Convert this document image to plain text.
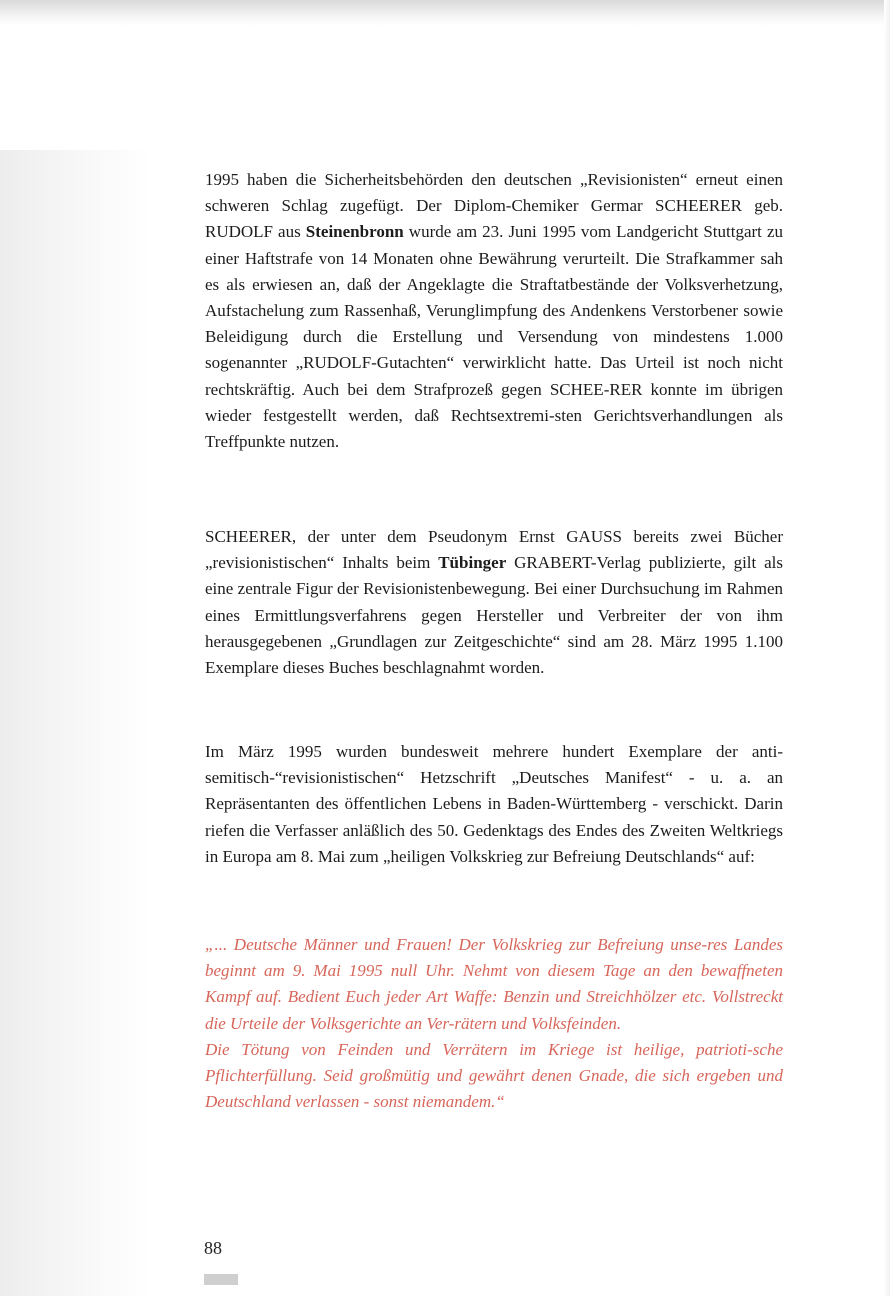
1995 haben die Sicherheitsbehörden den deutschen „Revisionisten“ erneut einen schweren Schlag zugefügt. Der Diplom-Chemiker Germar SCHEERER geb. RUDOLF aus Steinenbronn wurde am 23. Juni 1995 vom Landgericht Stuttgart zu einer Haftstrafe von 14 Monaten ohne Bewährung verurteilt. Die Strafkammer sah es als erwiesen an, daß der Angeklagte die Straftatbestände der Volksverhetzung, Aufstachelung zum Rassenhaß, Verunglimpfung des Andenkens Verstorbener sowie Beleidigung durch die Erstellung und Versendung von mindestens 1.000 sogenannter „RUDOLF-Gutachten“ verwirklicht hatte. Das Urteil ist noch nicht rechtskräftig. Auch bei dem Strafprozeß gegen SCHEE-RER konnte im übrigen wieder festgestellt werden, daß Rechtsextremi-sten Gerichtsverhandlungen als Treffpunkte nutzen.
SCHEERER, der unter dem Pseudonym Ernst GAUSS bereits zwei Bücher „revisionistischen“ Inhalts beim Tübinger GRABERT-Verlag publizierte, gilt als eine zentrale Figur der Revisionistenbewegung. Bei einer Durchsuchung im Rahmen eines Ermittlungsverfahrens gegen Hersteller und Verbreiter der von ihm herausgegebenen „Grundlagen zur Zeitgeschichte“ sind am 28. März 1995 1.100 Exemplare dieses Buches beschlagnahmt worden.
Im März 1995 wurden bundesweit mehrere hundert Exemplare der anti-semitisch-“revisionistischen“ Hetzschrift „Deutsches Manifest“ - u. a. an Repräsentanten des öffentlichen Lebens in Baden-Württemberg - verschickt. Darin riefen die Verfasser anläßlich des 50. Gedenktags des Endes des Zweiten Weltkriegs in Europa am 8. Mai zum „heiligen Volkskrieg zur Befreiung Deutschlands“ auf:

„... Deutsche Männer und Frauen! Der Volkskrieg zur Befreiung unse-res Landes beginnt am 9. Mai 1995 null Uhr. Nehmt von diesem Tage an den bewaffneten Kampf auf. Bedient Euch jeder Art Waffe: Benzin und Streichhölzer etc. Vollstreckt die Urteile der Volksgerichte an Ver-rätern und Volksfeinden.

Die Tötung von Feinden und Verrätern im Kriege ist heilige, patrioti-sche Pflichterfüllung. Seid großmütig und gewährt denen Gnade, die sich ergeben und Deutschland verlassen - sonst niemandem.“

88
